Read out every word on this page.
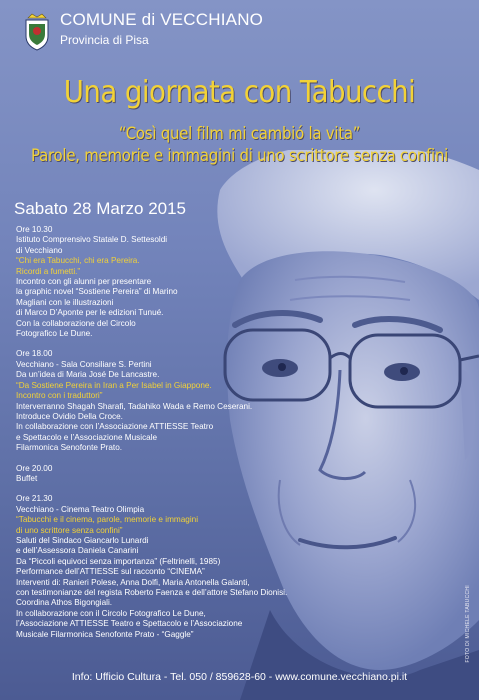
COMUNE di VECCHIANO
Provincia di Pisa
Una giornata con Tabucchi
“Così quel film mi cambió la vita”
Parole, memorie e immagini di uno scrittore senza confini
Sabato 28 Marzo 2015

Ore 10.30

Istituto Comprensivo Statale D. Settesoldi

di Vecchiano

“Chi era Tabucchi, chi era Pereira.

Ricordi a fumetti.”

Incontro con gli alunni per presentare

la graphic novel “Sostiene Pereira” di Marino

Magliani con le illustrazioni

di Marco D’Aponte per le edizioni Tunué.

Con la collaborazione del Circolo

Fotografico Le Dune.

Ore 18.00

Vecchiano - Sala Consiliare S. Pertini

Da un’idea di Maria José De Lancastre.

“Da Sostiene Pereira in Iran a Per Isabel in Giappone.

Incontro con i traduttori”

Interverranno Shagah Sharafi, Tadahiko Wada e Remo Ceserani.

Introduce Ovidio Della Croce.

In collaborazione con l’Associazione ATTIESSE Teatro

e Spettacolo e l’Associazione Musicale

Filarmonica Senofonte Prato.

Ore 20.00

Buffet

Ore 21.30

Vecchiano - Cinema Teatro Olimpia

“Tabucchi e il cinema, parole, memorie e immagini

di uno scrittore senza confini”

Saluti del Sindaco Giancarlo Lunardi

e dell’Assessora Daniela Canarini

Da “Piccoli equivoci senza importanza” (Feltrinelli, 1985)

Performance dell’ATTIESSE sul racconto “CINEMA”

Interventi di: Ranieri Polese, Anna Dolfi, Maria Antonella Galanti,

con testimonianze del regista Roberto Faenza e dell’attore Stefano Dionisi.

Coordina Athos Bigongiali.

In collaborazione con il Circolo Fotografico Le Dune,

l’Associazione ATTIESSE Teatro e Spettacolo e l’Associazione

Musicale Filarmonica Senofonte Prato - “Gaggle”	FOTO DI MICHELE TABUCCHI
Info: Ufficio Cultura - Tel. 050 / 859628-60 - www.comune.vecchiano.pi.it
